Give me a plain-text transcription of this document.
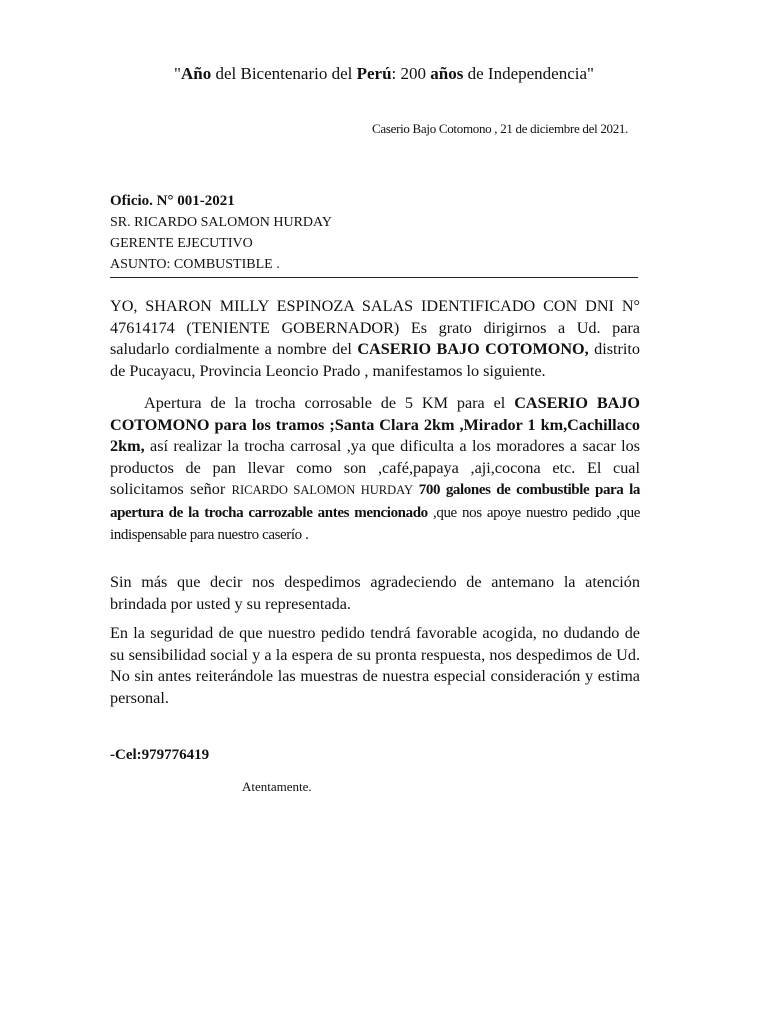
"Año del Bicentenario del Perú: 200 años de Independencia"
Caserio Bajo Cotomono , 21 de diciembre del 2021.
Oficio. N° 001-2021
SR. RICARDO SALOMON HURDAY
GERENTE EJECUTIVO
ASUNTO: COMBUSTIBLE .
YO, SHARON MILLY ESPINOZA SALAS IDENTIFICADO CON DNI N° 47614174 (TENIENTE GOBERNADOR) Es grato dirigirnos a Ud. para saludarlo cordialmente a nombre del CASERIO BAJO COTOMONO, distrito de Pucayacu, Provincia Leoncio Prado , manifestamos lo siguiente.
Apertura de la trocha corrosable de 5 KM para el CASERIO BAJO COTOMONO para los tramos ;Santa Clara 2km ,Mirador 1 km,Cachillaco 2km, así realizar la trocha carrosal ,ya que dificulta a los moradores a sacar los productos de pan llevar como son ,café,papaya ,aji,cocona etc. El cual solicitamos señor RICARDO SALOMON HURDAY 700 galones de combustible para la apertura de la trocha carrozable antes mencionado ,que nos apoye nuestro pedido ,que indispensable para nuestro caserío .
Sin más que decir nos despedimos agradeciendo de antemano la atención brindada por usted y su representada.
En la seguridad de que nuestro pedido tendrá favorable acogida, no dudando de su sensibilidad social y a la espera de su pronta respuesta, nos despedimos de Ud. No sin antes reiterándole las muestras de nuestra especial consideración y estima personal.
-Cel:979776419
Atentamente.
